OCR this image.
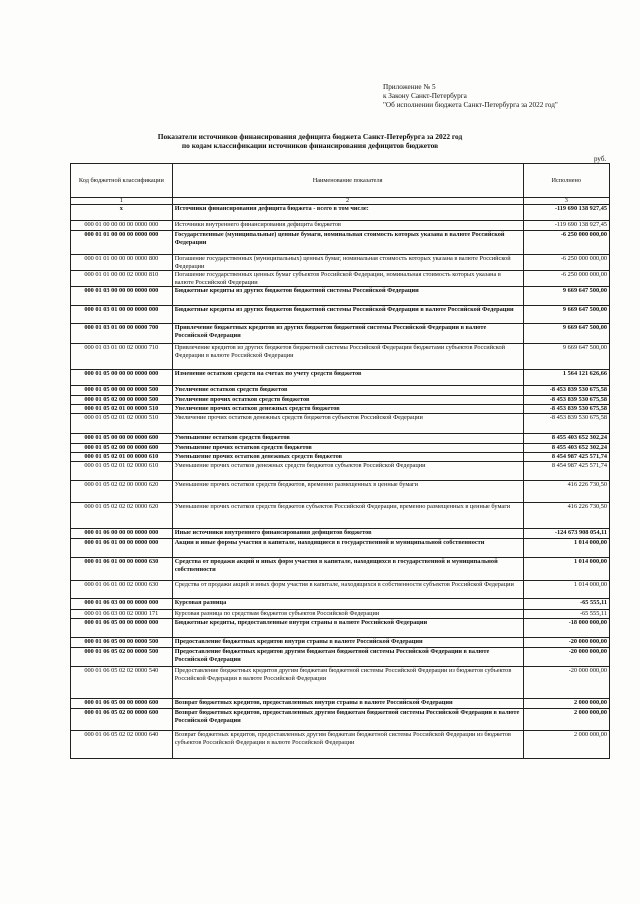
Приложение № 5
к Закону Санкт-Петербурга
"Об исполнении бюджета Санкт-Петербурга за 2022 год"
Показатели источников финансирования дефицита бюджета Санкт-Петербурга за 2022 год
по кодам классификации источников финансирования дефицитов бюджетов
руб.
Код бюджетной классификации	Наименование показателя	Исполнено
1	2	3
x	Источники финансирования дефицита бюджета - всего в том числе:	-119 690 138 927,45
000 01 00 00 00 00 0000 000	Источники внутреннего финансирования дефицита бюджетов	-119 690 138 927,45
000 01 01 00 00 00 0000 000	Государственные (муниципальные) ценные бумаги, номинальная стоимость которых указана в валюте Российской Федерации	-6 250 000 000,00
000 01 01 00 00 00 0000 800	Погашение государственных (муниципальных) ценных бумаг, номинальная стоимость которых указана в валюте Российской Федерации	-6 250 000 000,00
000 01 01 00 00 02 0000 810	Погашение государственных ценных бумаг субъектов Российской Федерации, номинальная стоимость которых указана в валюте Российской Федерации	-6 250 000 000,00
000 01 03 00 00 00 0000 000	Бюджетные кредиты из других бюджетов бюджетной системы Российской Федерации	9 669 647 500,00
000 01 03 01 00 00 0000 000	Бюджетные кредиты из других бюджетов бюджетной системы Российской Федерации в валюте Российской Федерации	9 669 647 500,00
000 01 03 01 00 00 0000 700	Привлечение бюджетных кредитов из других бюджетов бюджетной системы Российской Федерации в валюте Российской Федерации	9 669 647 500,00
000 01 03 01 00 02 0000 710	Привлечение кредитов из других бюджетов бюджетной системы Российской Федерации бюджетами субъектов Российской Федерации в валюте Российской Федерации	9 669 647 500,00
000 01 05 00 00 00 0000 000	Изменение остатков средств на счетах по учету средств бюджетов	1 564 121 626,66
000 01 05 00 00 00 0000 500	Увеличение остатков средств бюджетов	-8 453 839 530 675,58
000 01 05 02 00 00 0000 500	Увеличение прочих остатков средств бюджетов	-8 453 839 530 675,58
000 01 05 02 01 00 0000 510	Увеличение прочих остатков денежных средств бюджетов	-8 453 839 530 675,58
000 01 05 02 01 02 0000 510	Увеличение прочих остатков денежных средств бюджетов субъектов Российской Федерации	-8 453 839 530 675,58
000 01 05 00 00 00 0000 600	Уменьшение остатков средств бюджетов	8 455 403 652 302,24
000 01 05 02 00 00 0000 600	Уменьшение прочих остатков средств бюджетов	8 455 403 652 302,24
000 01 05 02 01 00 0000 610	Уменьшение прочих остатков денежных средств бюджетов	8 454 987 425 571,74
000 01 05 02 01 02 0000 610	Уменьшение прочих остатков денежных средств бюджетов субъектов Российской Федерации	8 454 987 425 571,74
000 01 05 02 02 00 0000 620	Уменьшение прочих остатков средств бюджетов, временно размещенных в ценные бумаги	416 226 730,50
000 01 05 02 02 02 0000 620	Уменьшение прочих остатков средств бюджетов субъектов Российской Федерации, временно размещенных в ценные бумаги	416 226 730,50
000 01 06 00 00 00 0000 000	Иные источники внутреннего финансирования дефицитов бюджетов	-124 673 908 054,11
000 01 06 01 00 00 0000 000	Акции и иные формы участия в капитале, находящиеся в государственной и муниципальной собственности	1 014 000,00
000 01 06 01 00 00 0000 630	Средства от продажи акций и иных форм участия в капитале, находящихся в государственной и муниципальной собственности	1 014 000,00
000 01 06 01 00 02 0000 630	Средства от продажи акций и иных форм участия в капитале, находящихся в собственности субъектов Российской Федерации	1 014 000,00
000 01 06 03 00 00 0000 000	Курсовая разница	-65 555,11
000 01 06 03 00 02 0000 171	Курсовая разница по средствам бюджетов субъектов Российской Федерации	-65 555,11
000 01 06 05 00 00 0000 000	Бюджетные кредиты, предоставленные внутри страны в валюте Российской Федерации	-18 000 000,00
000 01 06 05 00 00 0000 500	Предоставление бюджетных кредитов внутри страны в валюте Российской Федерации	-20 000 000,00
000 01 06 05 02 00 0000 500	Предоставление бюджетных кредитов другим бюджетам бюджетной системы Российской Федерации в валюте Российской Федерации	-20 000 000,00
000 01 06 05 02 02 0000 540	Предоставление бюджетных кредитов другим бюджетам бюджетной системы Российской Федерации из бюджетов субъектов Российской Федерации в валюте Российской Федерации	-20 000 000,00
000 01 06 05 00 00 0000 600	Возврат бюджетных кредитов, предоставленных внутри страны в валюте Российской Федерации	2 000 000,00
000 01 06 05 02 00 0000 600	Возврат бюджетных кредитов, предоставленных другим бюджетам бюджетной системы Российской Федерации в валюте Российской Федерации	2 000 000,00
000 01 06 05 02 02 0000 640	Возврат бюджетных кредитов, предоставленных другим бюджетам бюджетной системы Российской Федерации из бюджетов субъектов Российской Федерации в валюте Российской Федерации	2 000 000,00
